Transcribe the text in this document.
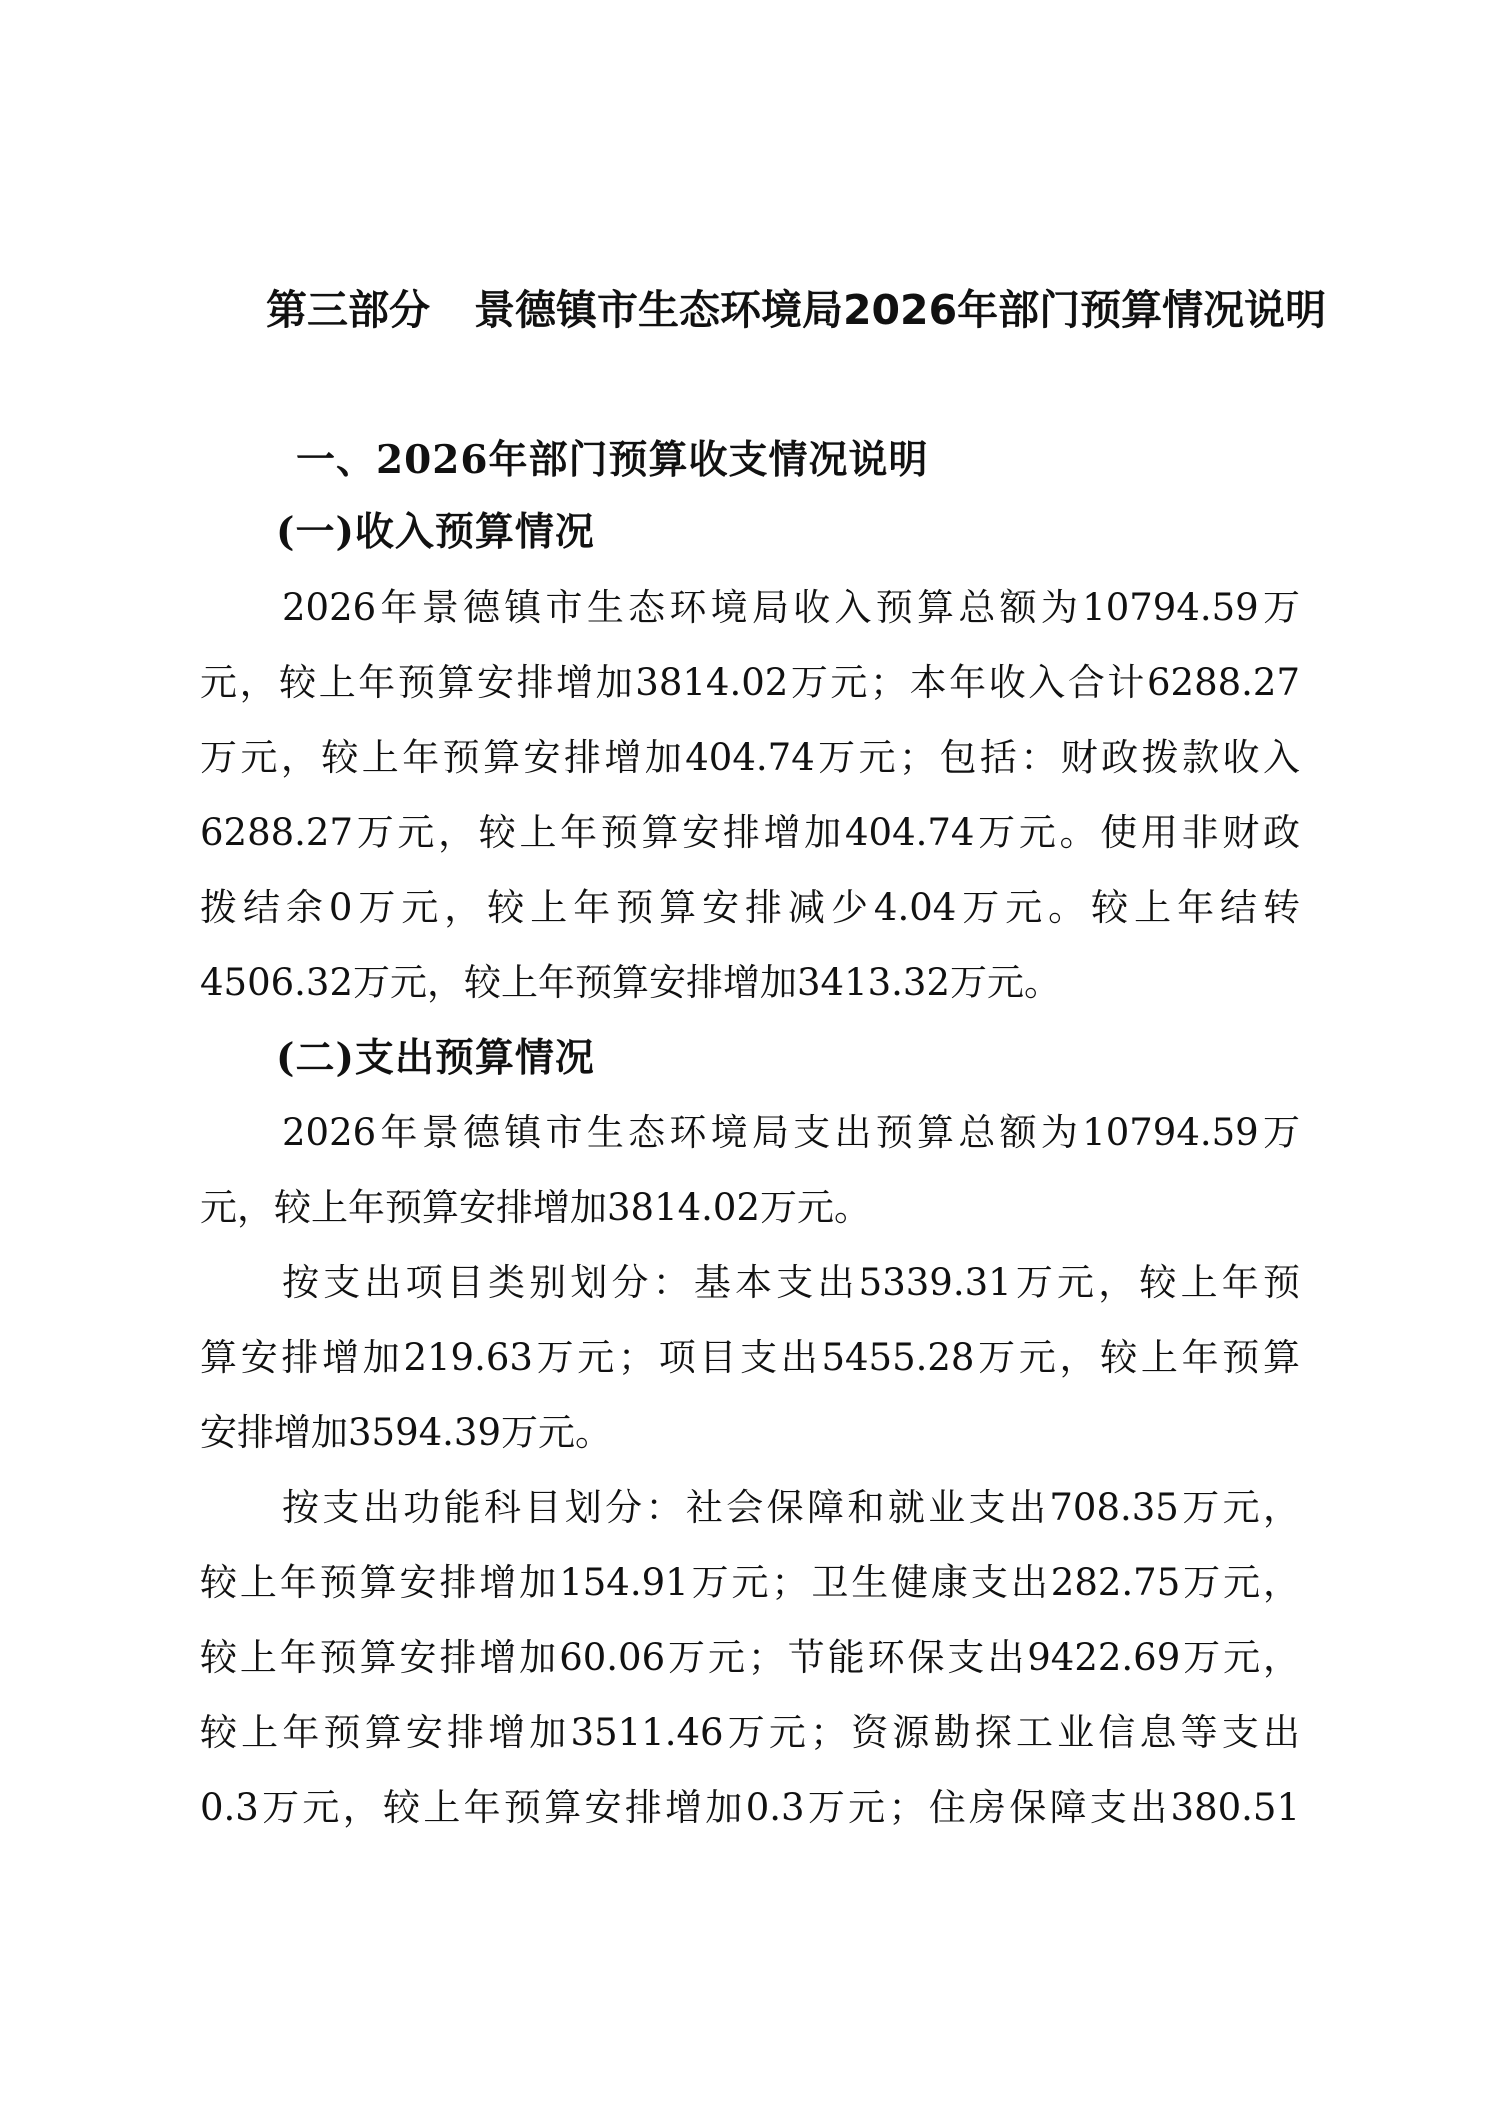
第三部分 景德镇市生态环境局2026年部门预算情况说明
一、2026年部门预算收支情况说明
(一)收入预算情况
2026年景德镇市生态环境局收入预算总额为10794.59万
元，较上年预算安排增加3814.02万元；本年收入合计6288.27
万元，较上年预算安排增加404.74万元；包括：财政拨款收入
6288.27万元，较上年预算安排增加404.74万元。使用非财政
拨结余0万元，较上年预算安排减少4.04万元。较上年结转
4506.32万元，较上年预算安排增加3413.32万元。
(二)支出预算情况
2026年景德镇市生态环境局支出预算总额为10794.59万
元，较上年预算安排增加3814.02万元。
按支出项目类别划分：基本支出5339.31万元，较上年预
算安排增加219.63万元；项目支出5455.28万元，较上年预算
安排增加3594.39万元。
按支出功能科目划分：社会保障和就业支出708.35万元，
较上年预算安排增加154.91万元；卫生健康支出282.75万元，
较上年预算安排增加60.06万元；节能环保支出9422.69万元，
较上年预算安排增加3511.46万元；资源勘探工业信息等支出
0.3万元，较上年预算安排增加0.3万元；住房保障支出380.51
